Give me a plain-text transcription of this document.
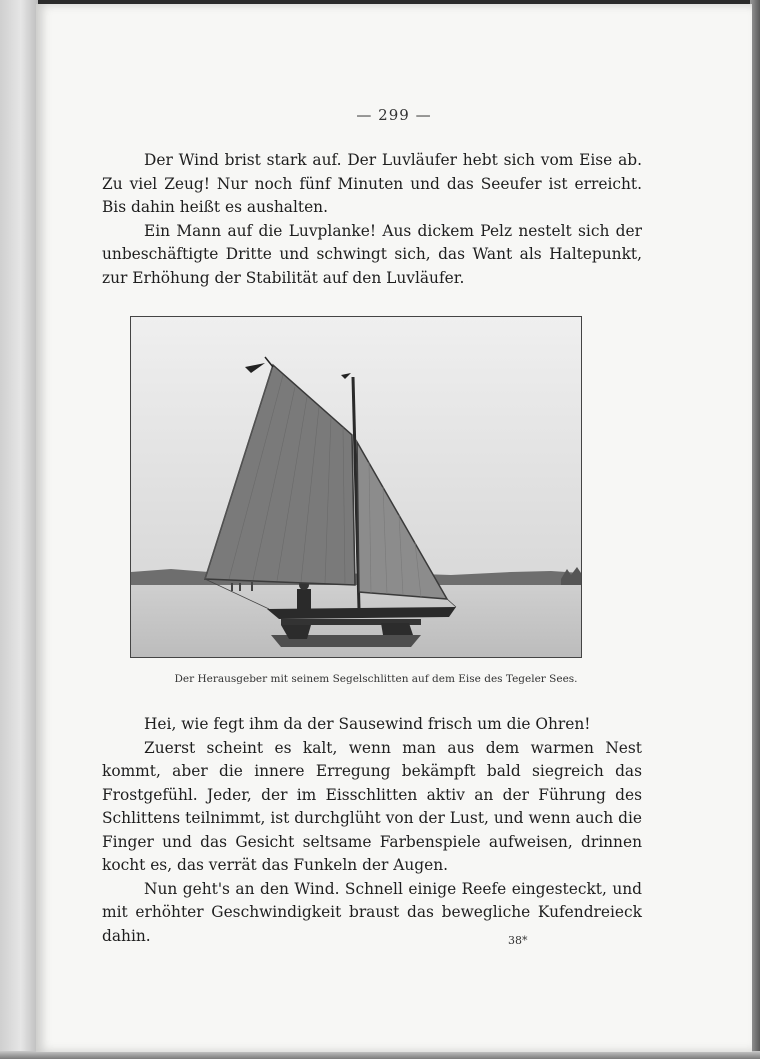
— 299 —

Der Wind brist stark auf. Der Luvläufer hebt sich vom Eise ab. Zu viel Zeug! Nur noch fünf Minuten und das Seeufer ist erreicht. Bis dahin heißt es aushalten.

Ein Mann auf die Luvplanke! Aus dickem Pelz nestelt sich der unbeschäftigte Dritte und schwingt sich, das Want als Haltepunkt, zur Erhöhung der Stabilität auf den Luvläufer.

Der Herausgeber mit seinem Segelschlitten auf dem Eise des Tegeler Sees.

Hei, wie fegt ihm da der Sausewind frisch um die Ohren!

Zuerst scheint es kalt, wenn man aus dem warmen Nest kommt, aber die innere Erregung bekämpft bald siegreich das Frostgefühl. Jeder, der im Eisschlitten aktiv an der Führung des Schlittens teilnimmt, ist durchglüht von der Lust, und wenn auch die Finger und das Gesicht seltsame Farbenspiele aufweisen, drinnen kocht es, das verrät das Funkeln der Augen.

Nun geht's an den Wind. Schnell einige Reefe eingesteckt, und mit erhöhter Geschwindigkeit braust das bewegliche Kufendreieck dahin.	38*
